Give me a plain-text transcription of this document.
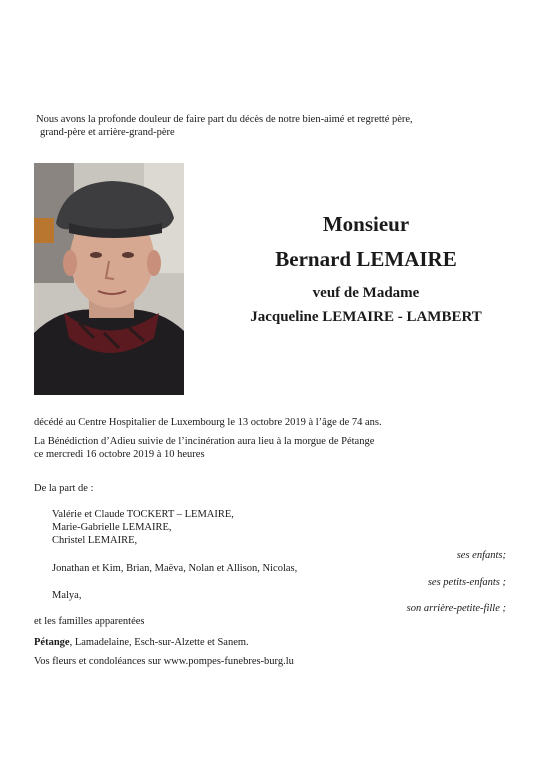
Nous avons la profonde douleur de faire part du décès de notre bien-aimé et regretté père,
grand-père et arrière-grand-père
Monsieur
Bernard LEMAIRE
veuf de Madame
Jacqueline LEMAIRE - LAMBERT
décédé au Centre Hospitalier de Luxembourg le 13 octobre 2019 à l’âge de 74 ans.
La Bénédiction d’Adieu suivie de l’incinération aura lieu à la morgue de Pétange
ce mercredi 16 octobre 2019 à 10 heures
De la part de :
Valérie et Claude TOCKERT – LEMAIRE,
Marie-Gabrielle LEMAIRE,
Christel LEMAIRE,
ses enfants;
Jonathan et Kim, Brian, Maëva, Nolan et Allison, Nicolas,
ses petits-enfants ;
Malya,
son arrière-petite-fille ;
et les familles apparentées
Pétange, Lamadelaine, Esch-sur-Alzette et Sanem.
Vos fleurs et condoléances sur www.pompes-funebres-burg.lu
